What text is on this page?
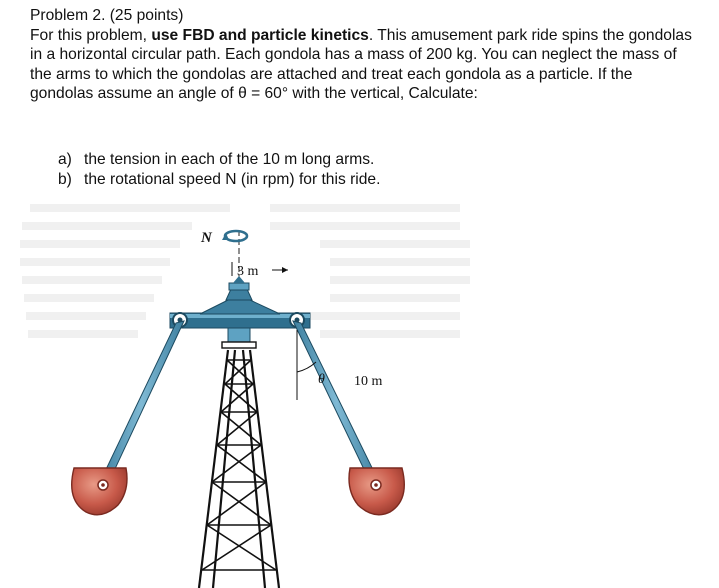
Problem 2. (25 points)

For this problem, use FBD and particle kinetics. This amusement park ride spins the gondolas in a horizontal circular path. Each gondola has a mass of 200 kg. You can neglect the mass of the arms to which the gondolas are attached and treat each gondola as a particle. If the gondolas assume an angle of θ = 60° with the vertical, Calculate:

a) the tension in each of the 10 m long arms.
b) the rotational speed N (in rpm) for this ride.
N
3 m
θ 10 m
